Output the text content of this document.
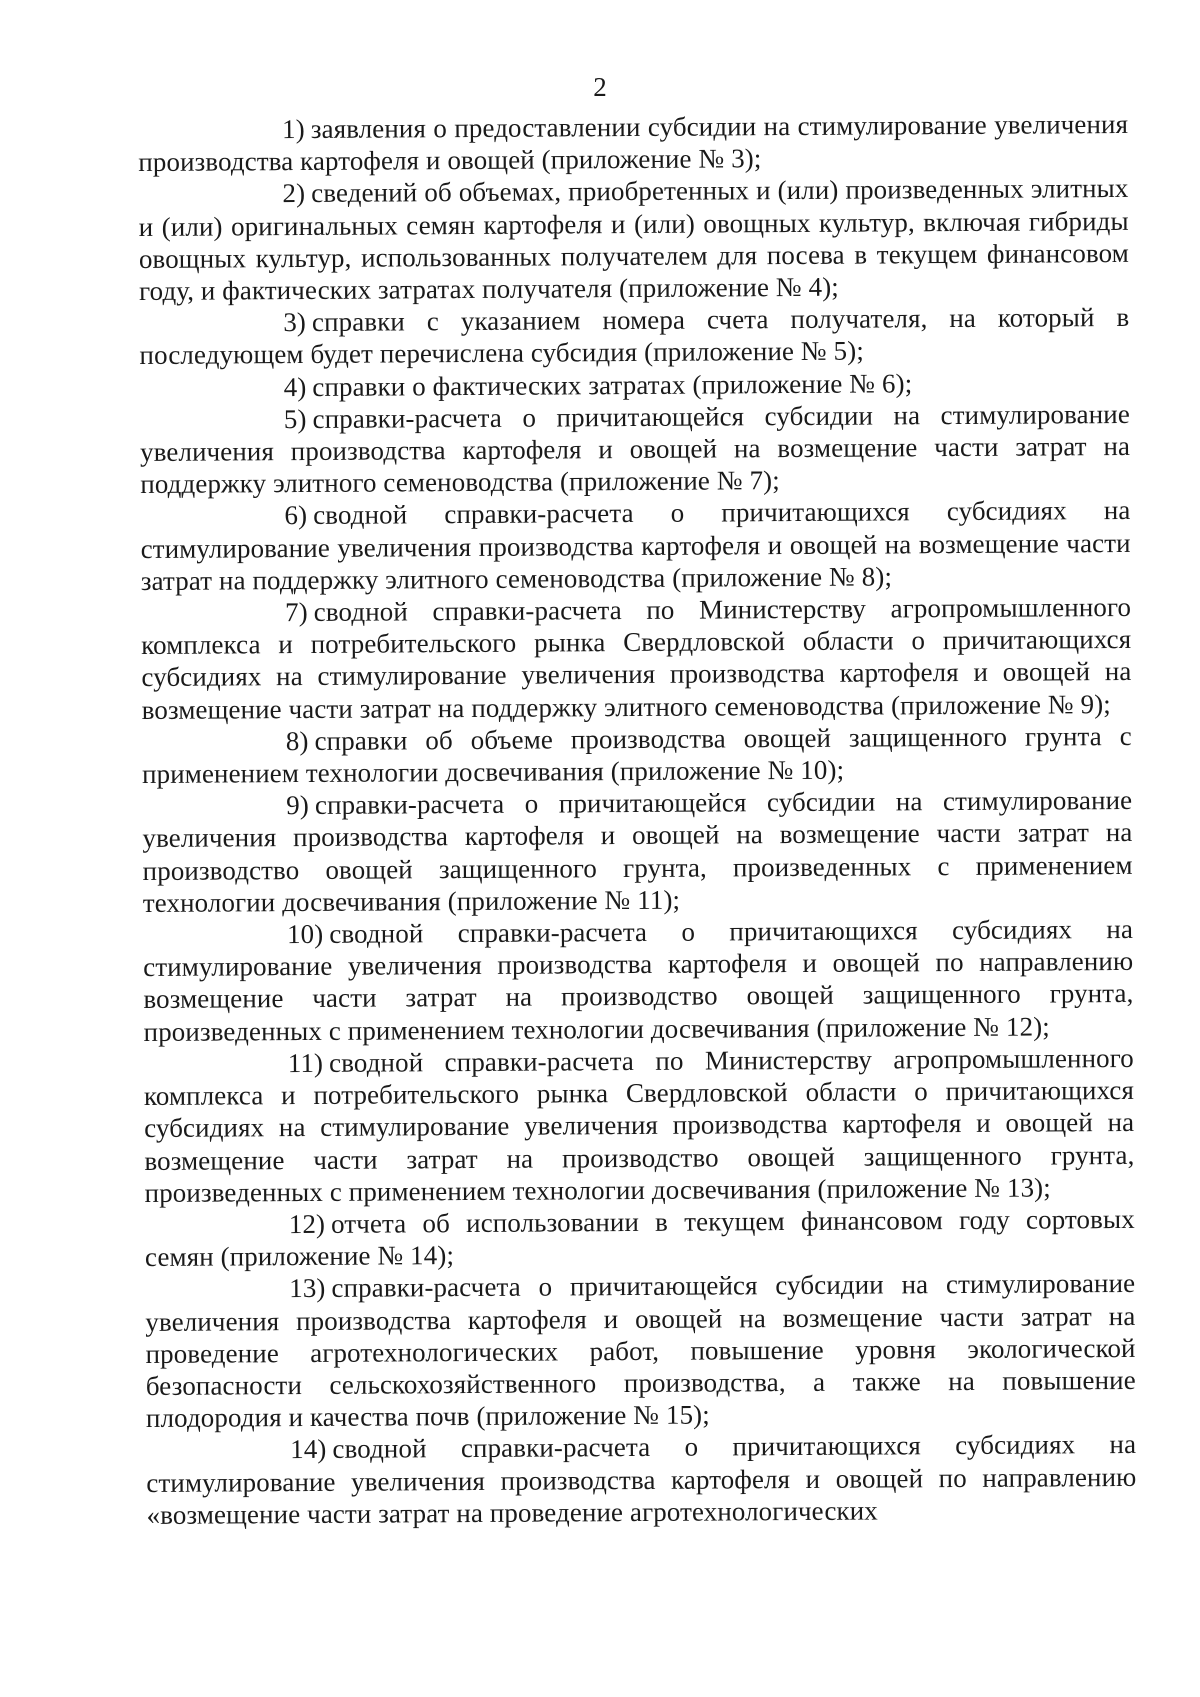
2

1) заявления о предоставлении субсидии на стимулирование увеличения производства картофеля и овощей (приложение № 3);

2) сведений об объемах, приобретенных и (или) произведенных элитных и (или) оригинальных семян картофеля и (или) овощных культур, включая гибриды овощных культур, использованных получателем для посева в текущем финансовом году, и фактических затратах получателя (приложение № 4);

3) справки с указанием номера счета получателя, на который в последующем будет перечислена субсидия (приложение № 5);

4) справки о фактических затратах (приложение № 6);

5) справки-расчета о причитающейся субсидии на стимулирование увеличения производства картофеля и овощей на возмещение части затрат на поддержку элитного семеноводства (приложение № 7);

6) сводной справки-расчета о причитающихся субсидиях на стимулирование увеличения производства картофеля и овощей на возмещение части затрат на поддержку элитного семеноводства (приложение № 8);

7) сводной справки-расчета по Министерству агропромышленного комплекса и потребительского рынка Свердловской области о причитающихся субсидиях на стимулирование увеличения производства картофеля и овощей на возмещение части затрат на поддержку элитного семеноводства (приложение № 9);

8) справки об объеме производства овощей защищенного грунта с применением технологии досвечивания (приложение № 10);

9) справки-расчета о причитающейся субсидии на стимулирование увеличения производства картофеля и овощей на возмещение части затрат на производство овощей защищенного грунта, произведенных с применением технологии досвечивания (приложение № 11);

10) сводной справки-расчета о причитающихся субсидиях на стимулирование увеличения производства картофеля и овощей по направлению возмещение части затрат на производство овощей защищенного грунта, произведенных с применением технологии досвечивания (приложение № 12);

11) сводной справки-расчета по Министерству агропромышленного комплекса и потребительского рынка Свердловской области о причитающихся субсидиях на стимулирование увеличения производства картофеля и овощей на возмещение части затрат на производство овощей защищенного грунта, произведенных с применением технологии досвечивания (приложение № 13);

12) отчета об использовании в текущем финансовом году сортовых семян (приложение № 14);

13) справки-расчета о причитающейся субсидии на стимулирование увеличения производства картофеля и овощей на возмещение части затрат на проведение агротехнологических работ, повышение уровня экологической безопасности сельскохозяйственного производства, а также на повышение плодородия и качества почв (приложение № 15);

14) сводной справки-расчета о причитающихся субсидиях на стимулирование увеличения производства картофеля и овощей по направлению «возмещение части затрат на проведение агротехнологических
